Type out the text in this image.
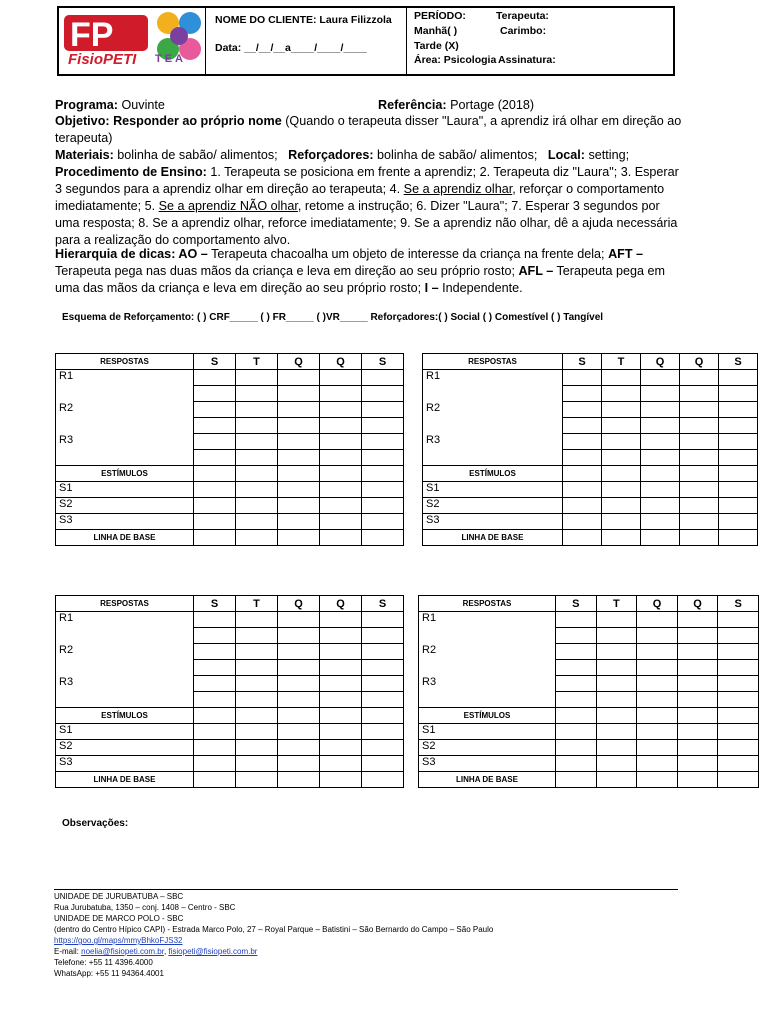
FP
FisioPETI TEA
NOME DO CLIENTE: Laura Filizzola
Data: __/__/__a____/____/____
PERÍODO:
Manhã( )
Tarde (X)
Área: Psicologia
Terapeuta:
Carimbo:
Assinatura:
Programa: Ouvinte	Referência: Portage (2018)
Objetivo: Responder ao próprio nome (Quando o terapeuta disser "Laura", a aprendiz irá olhar em direção ao terapeuta)
Materiais: bolinha de sabão/ alimentos; Reforçadores: bolinha de sabão/ alimentos; Local: setting;
Procedimento de Ensino: 1. Terapeuta se posiciona em frente a aprendiz; 2. Terapeuta diz "Laura"; 3. Esperar 3 segundos para a aprendiz olhar em direção ao terapeuta; 4. Se a aprendiz olhar, reforçar o comportamento imediatamente; 5. Se a aprendiz NÃO olhar, retome a instrução; 6. Dizer "Laura"; 7. Esperar 3 segundos por uma resposta; 8. Se a aprendiz olhar, reforce imediatamente; 9. Se a aprendiz não olhar, dê a ajuda necessária para a realização do comportamento alvo.
Hierarquia de dicas: AO – Terapeuta chacoalha um objeto de interesse da criança na frente dela; AFT – Terapeuta pega nas duas mãos da criança e leva em direção ao seu próprio rosto; AFL – Terapeuta pega em uma das mãos da criança e leva em direção ao seu próprio rosto; I – Independente.
Esquema de Reforçamento: ( ) CRF_____ ( ) FR_____ ( )VR_____ Reforçadores:( ) Social ( ) Comestível ( ) Tangível
RESPOSTAS	S	T	Q	Q	S
R1					

R2					

R3					

ESTÍMULOS					
S1					
S2					
S3					
LINHA DE BASE					
RESPOSTAS	S	T	Q	Q	S
R1					

R2					

R3					

ESTÍMULOS					
S1					
S2					
S3					
LINHA DE BASE					
RESPOSTAS	S	T	Q	Q	S
R1					

R2					

R3					

ESTÍMULOS					
S1					
S2					
S3					
LINHA DE BASE					
RESPOSTAS	S	T	Q	Q	S
R1					

R2					

R3					

ESTÍMULOS					
S1					
S2					
S3					
LINHA DE BASE					
Observações:
UNIDADE DE JURUBATUBA – SBC
Rua Jurubatuba, 1350 – conj. 1408 – Centro - SBC
UNIDADE DE MARCO POLO - SBC
(dentro do Centro Hípico CAPI) - Estrada Marco Polo, 27 – Royal Parque – Batistini – São Bernardo do Campo – São Paulo
https://goo.gl/maps/mmyBhkoFJS32
E-mail: noelia@fisiopeti.com.br, fisiopeti@fisiopeti.com.br
Telefone: +55 11 4396.4000
WhatsApp: +55 11 94364.4001
